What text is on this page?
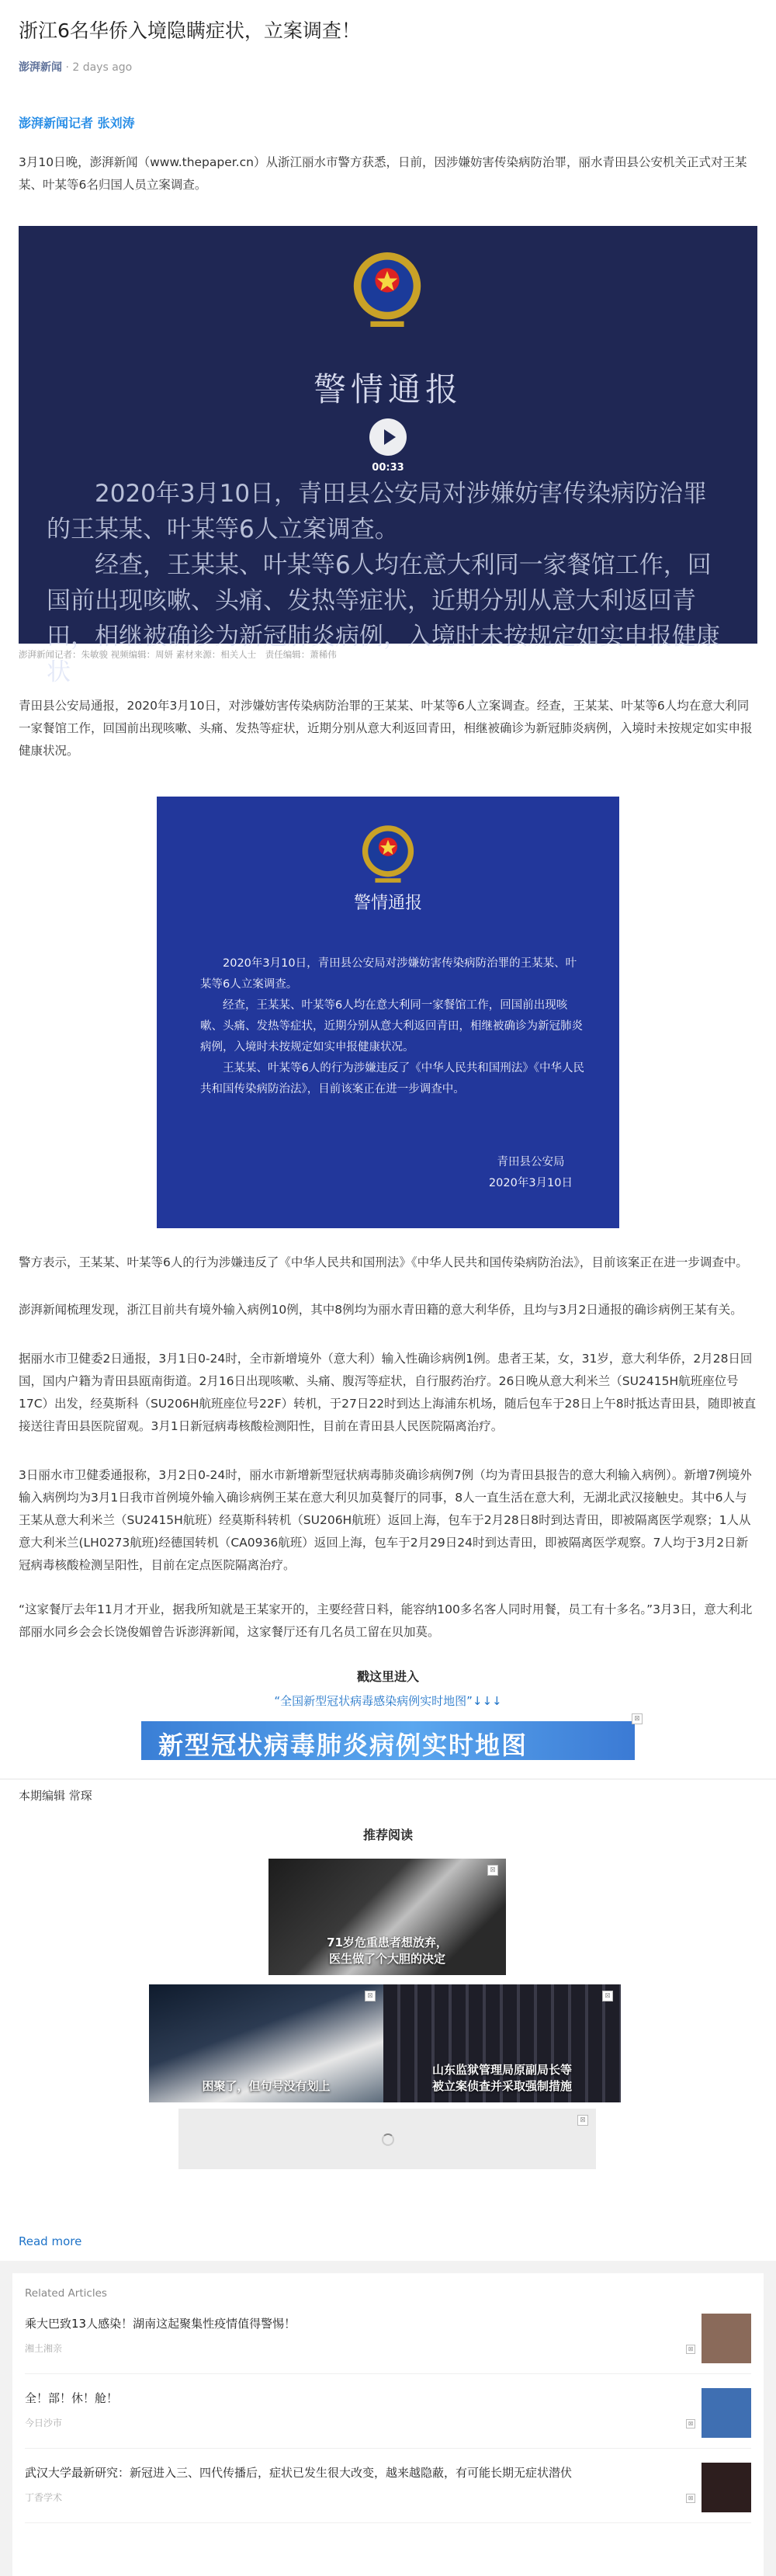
浙江6名华侨入境隐瞒症状，立案调查！
澎湃新闻 · 2 days ago
澎湃新闻记者 张刘涛

3月10日晚，澎湃新闻（www.thepaper.cn）从浙江丽水市警方获悉，日前，因涉嫌妨害传染病防治罪，丽水青田县公安机关正式对王某某、叶某等6名归国人员立案调查。

警情通报
00:33
2020年3月10日，青田县公安局对涉嫌妨害传染病防治罪的王某某、叶某等6人立案调查。
经查，王某某、叶某等6人均在意大利同一家餐馆工作，回国前出现咳嗽、头痛、发热等症状，近期分别从意大利返回青田，相继被确诊为新冠肺炎病例，入境时未按规定如实申报健康状
澎湃新闻记者：朱敏骏 视频编辑：周妍 素材来源：相关人士　责任编辑：萧稀伟

青田县公安局通报，2020年3月10日，对涉嫌妨害传染病防治罪的王某某、叶某等6人立案调查。经查，王某某、叶某等6人均在意大利同一家餐馆工作，回国前出现咳嗽、头痛、发热等症状，近期分别从意大利返回青田，相继被确诊为新冠肺炎病例，入境时未按规定如实申报健康状况。

警情通报
2020年3月10日，青田县公安局对涉嫌妨害传染病防治罪的王某某、叶某等6人立案调查。
经查，王某某、叶某等6人均在意大利同一家餐馆工作，回国前出现咳嗽、头痛、发热等症状，近期分别从意大利返回青田，相继被确诊为新冠肺炎病例，入境时未按规定如实申报健康状况。
王某某、叶某等6人的行为涉嫌违反了《中华人民共和国刑法》《中华人民共和国传染病防治法》，目前该案正在进一步调查中。
青田县公安局
2020年3月10日

警方表示，王某某、叶某等6人的行为涉嫌违反了《中华人民共和国刑法》《中华人民共和国传染病防治法》，目前该案正在进一步调查中。

澎湃新闻梳理发现，浙江目前共有境外输入病例10例，其中8例均为丽水青田籍的意大利华侨，且均与3月2日通报的确诊病例王某有关。

据丽水市卫健委2日通报，3月1日0-24时，全市新增境外（意大利）输入性确诊病例1例。患者王某，女，31岁，意大利华侨，2月28日回国，国内户籍为青田县瓯南街道。2月16日出现咳嗽、头痛、腹泻等症状，自行服药治疗。26日晚从意大利米兰（SU2415H航班座位号17C）出发，经莫斯科（SU206H航班座位号22F）转机，于27日22时到达上海浦东机场，随后包车于28日上午8时抵达青田县，随即被直接送往青田县医院留观。3月1日新冠病毒核酸检测阳性，目前在青田县人民医院隔离治疗。

3日丽水市卫健委通报称，3月2日0-24时，丽水市新增新型冠状病毒肺炎确诊病例7例（均为青田县报告的意大利输入病例）。新增7例境外输入病例均为3月1日我市首例境外输入确诊病例王某在意大利贝加莫餐厅的同事，8人一直生活在意大利，无湖北武汉接触史。其中6人与王某从意大利米兰（SU2415H航班）经莫斯科转机（SU206H航班）返回上海，包车于2月28日8时到达青田，即被隔离医学观察；1人从意大利米兰(LH0273航班)经德国转机（CA0936航班）返回上海，包车于2月29日24时到达青田，即被隔离医学观察。7人均于3月2日新冠病毒核酸检测呈阳性，目前在定点医院隔离治疗。

“这家餐厅去年11月才开业，据我所知就是王某家开的，主要经营日料，能容纳100多名客人同时用餐，员工有十多名。”3月3日，意大利北部丽水同乡会会长饶俊媚曾告诉澎湃新闻，这家餐厅还有几名员工留在贝加莫。

戳这里进入
“全国新型冠状病毒感染病例实时地图”↓↓↓
新型冠状病毒肺炎病例实时地图
⊠
本期编辑 常琛
推荐阅读
⊠
71岁危重患者想放弃，
医生做了个大胆的决定
⊠
困聚了，但句号没有划上
⊠
山东监狱管理局原副局长等
被立案侦查并采取强制措施
⊠
Read more
Related Articles
乘大巴致13人感染！湖南这起聚集性疫情值得警惕！
湘土湘亲	⊠
全！部！休！舱！
今日沙市	⊠
武汉大学最新研究：新冠进入三、四代传播后，症状已发生很大改变，越来越隐蔽，有可能长期无症状潜伏
丁香学术	⊠
